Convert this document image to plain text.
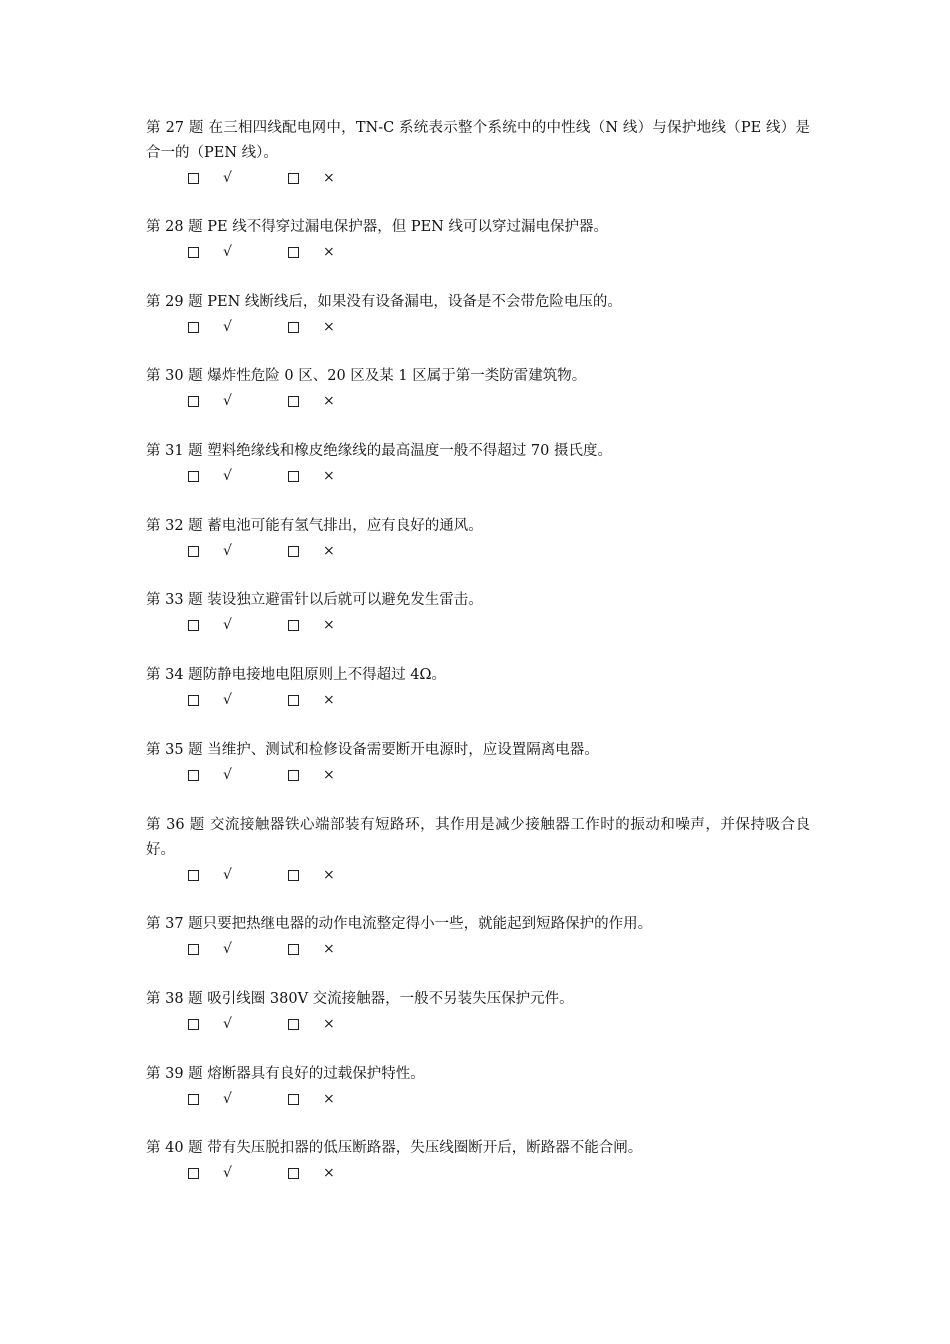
第 27 题 在三相四线配电网中，TN-C 系统表示整个系统中的中性线（N 线）与保护地线（PE 线）是合一的（PEN 线）。

√	×

第 28 题 PE 线不得穿过漏电保护器，但 PEN 线可以穿过漏电保护器。

√	×

第 29 题 PEN 线断线后，如果没有设备漏电，设备是不会带危险电压的。

√	×

第 30 题 爆炸性危险 0 区、20 区及某 1 区属于第一类防雷建筑物。

√	×

第 31 题 塑料绝缘线和橡皮绝缘线的最高温度一般不得超过 70 摄氏度。

√	×

第 32 题 蓄电池可能有氢气排出，应有良好的通风。

√	×

第 33 题 装设独立避雷针以后就可以避免发生雷击。

√	×

第 34 题防静电接地电阻原则上不得超过 4Ω。

√	×

第 35 题 当维护、测试和检修设备需要断开电源时，应设置隔离电器。

√	×

第 36 题 交流接触器铁心端部装有短路环，其作用是减少接触器工作时的振动和噪声，并保持吸合良好。

√	×

第 37 题只要把热继电器的动作电流整定得小一些，就能起到短路保护的作用。

√	×

第 38 题 吸引线圈 380V 交流接触器，一般不另装失压保护元件。

√	×

第 39 题 熔断器具有良好的过载保护特性。

√	×

第 40 题 带有失压脱扣器的低压断路器，失压线圈断开后，断路器不能合闸。

√	×
